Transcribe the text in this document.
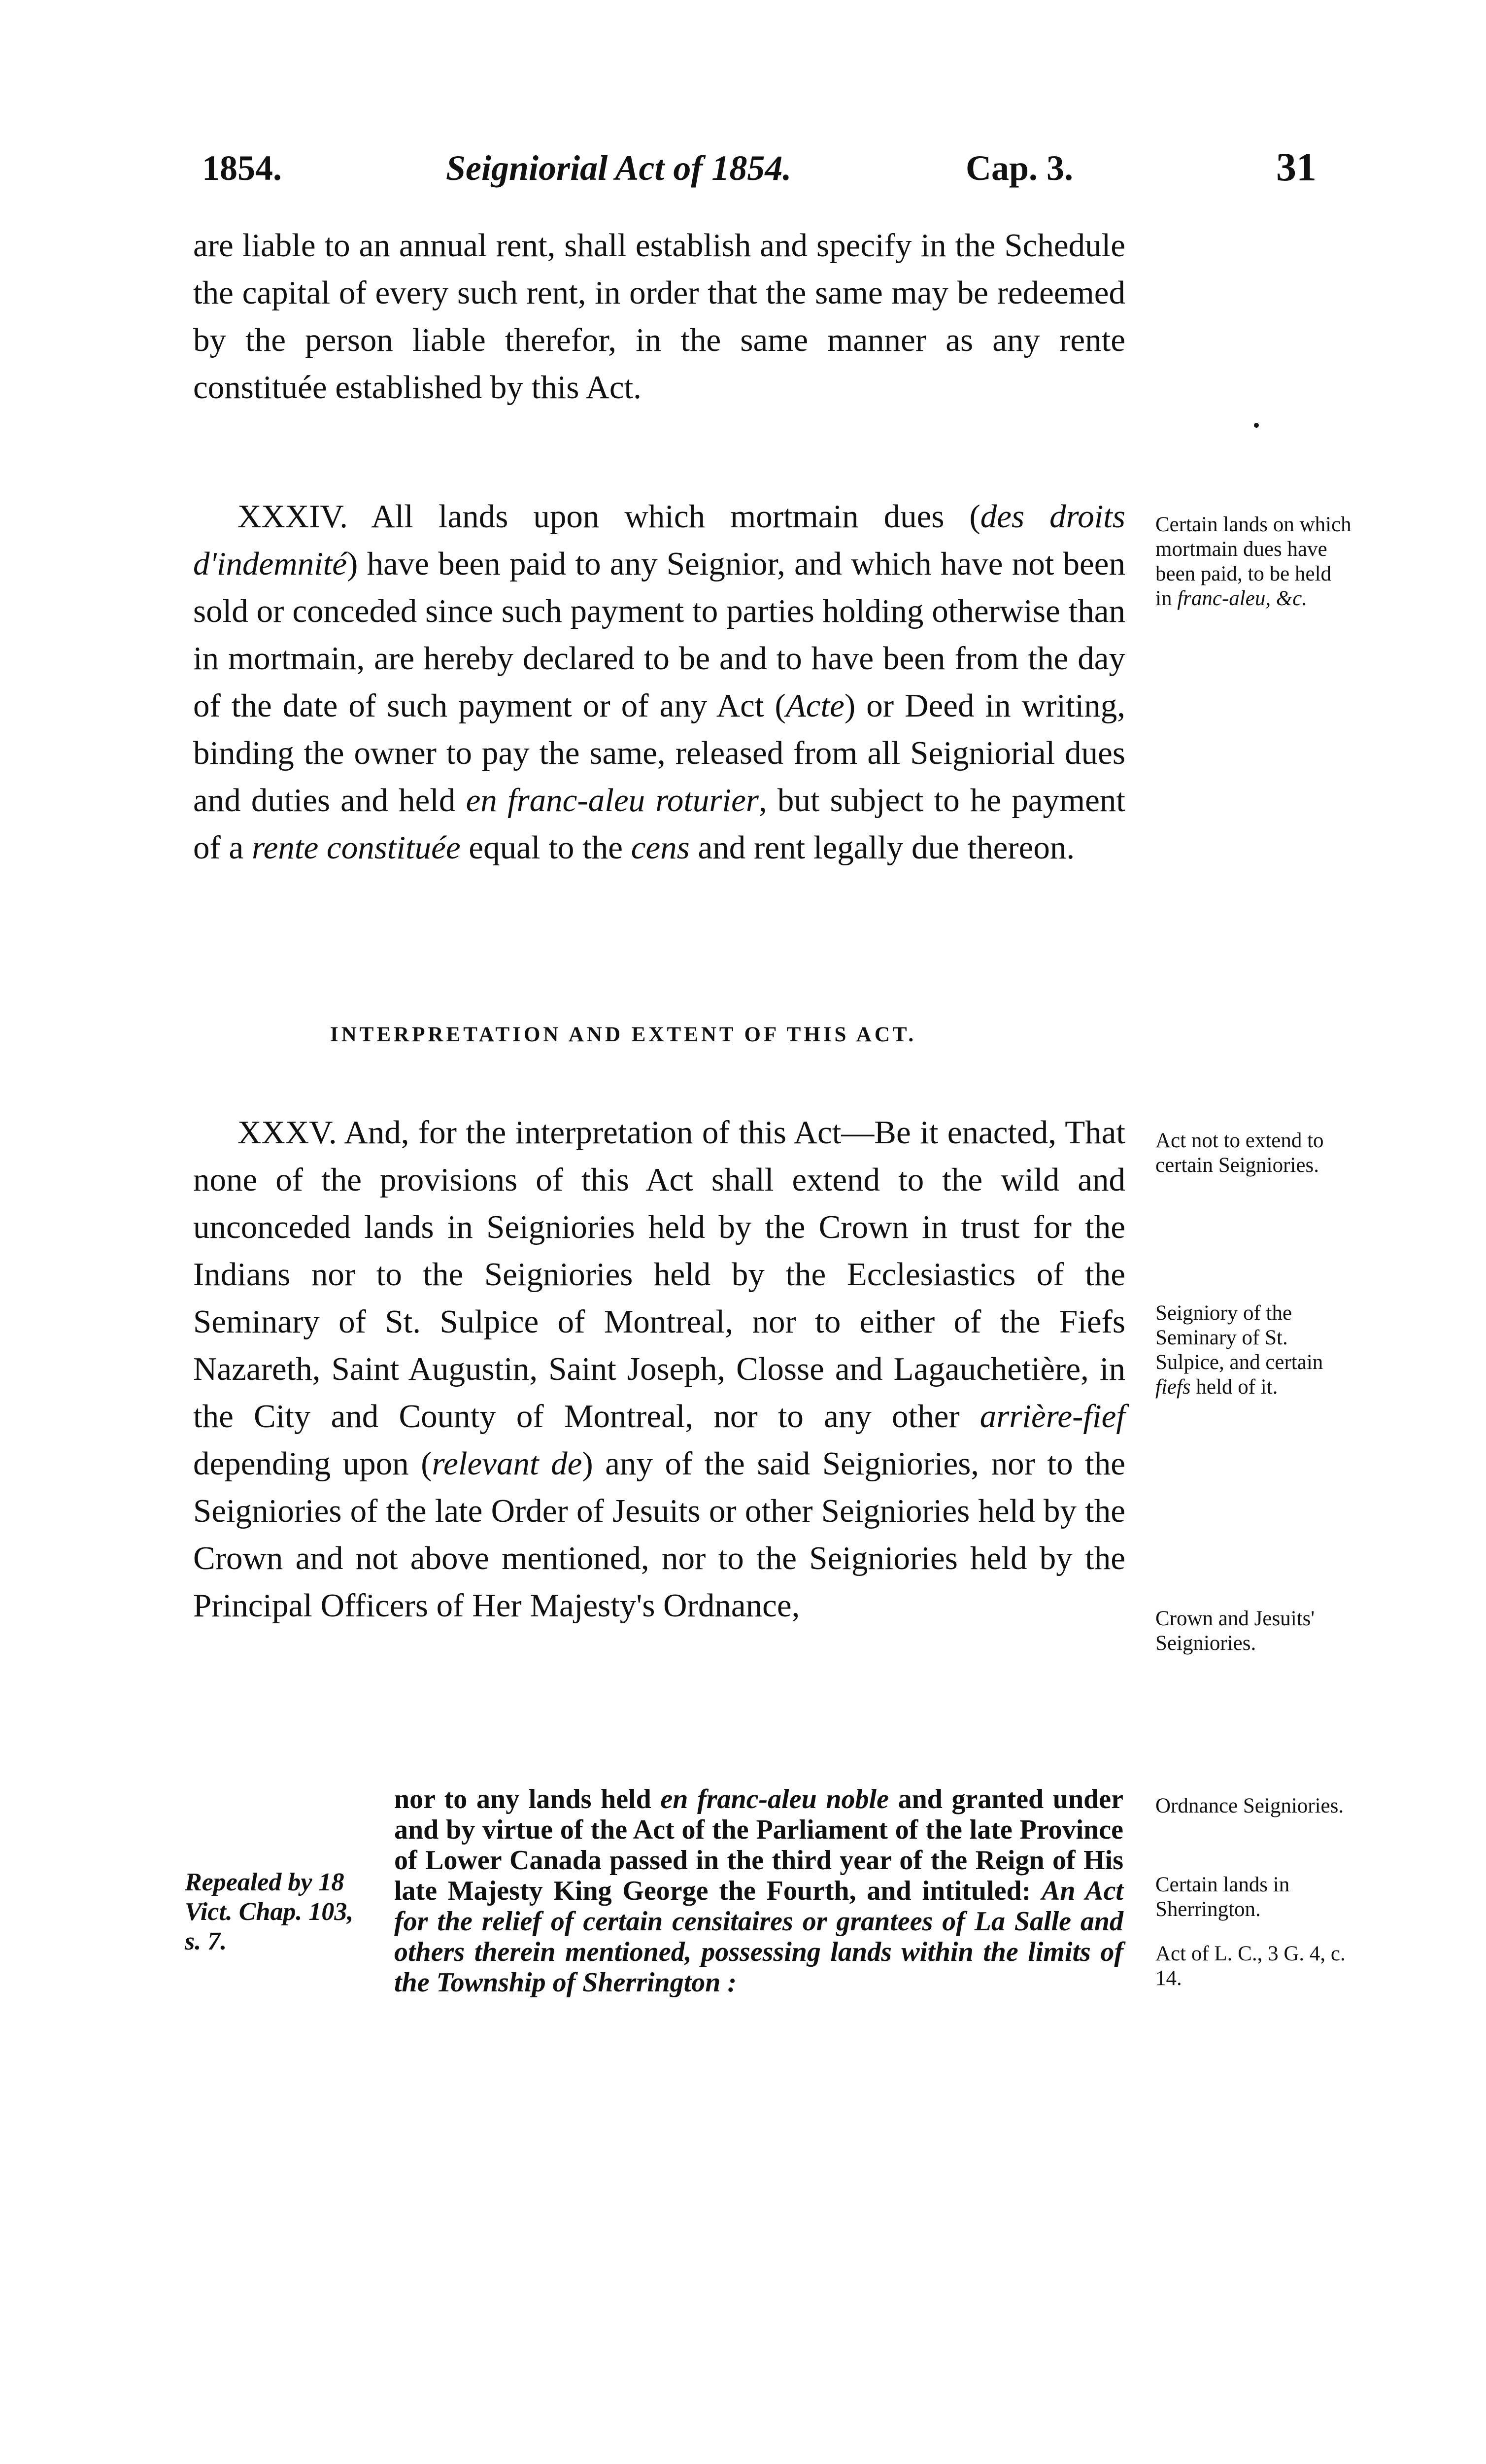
1854.	Seigniorial Act of 1854.	Cap. 3.	31

are liable to an annual rent, shall establish and specify in the Schedule the capital of every such rent, in order that the same may be redeemed by the person liable therefor, in the same manner as any rente constituée established by this Act.

XXXIV. All lands upon which mortmain dues (des droits d'indemnité) have been paid to any Seignior, and which have not been sold or conceded since such payment to parties holding otherwise than in mortmain, are hereby declared to be and to have been from the day of the date of such payment or of any Act (Acte) or Deed in writing, binding the owner to pay the same, released from all Seigniorial dues and duties and held en franc-aleu roturier, but subject to he payment of a rente constituée equal to the cens and rent legally due thereon.

INTERPRETATION AND EXTENT OF THIS ACT.

XXXV. And, for the interpretation of this Act—Be it enacted, That none of the provisions of this Act shall extend to the wild and unconceded lands in Seigniories held by the Crown in trust for the Indians nor to the Seigniories held by the Ecclesiastics of the Seminary of St. Sulpice of Montreal, nor to either of the Fiefs Nazareth, Saint Augustin, Saint Joseph, Closse and Lagauchetière, in the City and County of Montreal, nor to any other arrière-fief depending upon (relevant de) any of the said Seigniories, nor to the Seigniories of the late Order of Jesuits or other Seigniories held by the Crown and not above mentioned, nor to the Seigniories held by the Principal Officers of Her Majesty's Ordnance,

nor to any lands held en franc-aleu noble and granted under and by virtue of the Act of the Parliament of the late Province of Lower Canada passed in the third year of the Reign of His late Majesty King George the Fourth, and intituled: An Act for the relief of certain censitaires or grantees of La Salle and others therein mentioned, possessing lands within the limits of the Township of Sherrington :

Repealed by 18 Vict. Chap. 103, s. 7.
Certain lands on which mortmain dues have been paid, to be held in franc-aleu, &c.
Act not to extend to certain Seigniories.
Seigniory of the Seminary of St. Sulpice, and certain fiefs held of it.
Crown and Jesuits' Seigniories.
Ordnance Seigniories.
Certain lands in Sherrington.
Act of L. C., 3 G. 4, c. 14.
